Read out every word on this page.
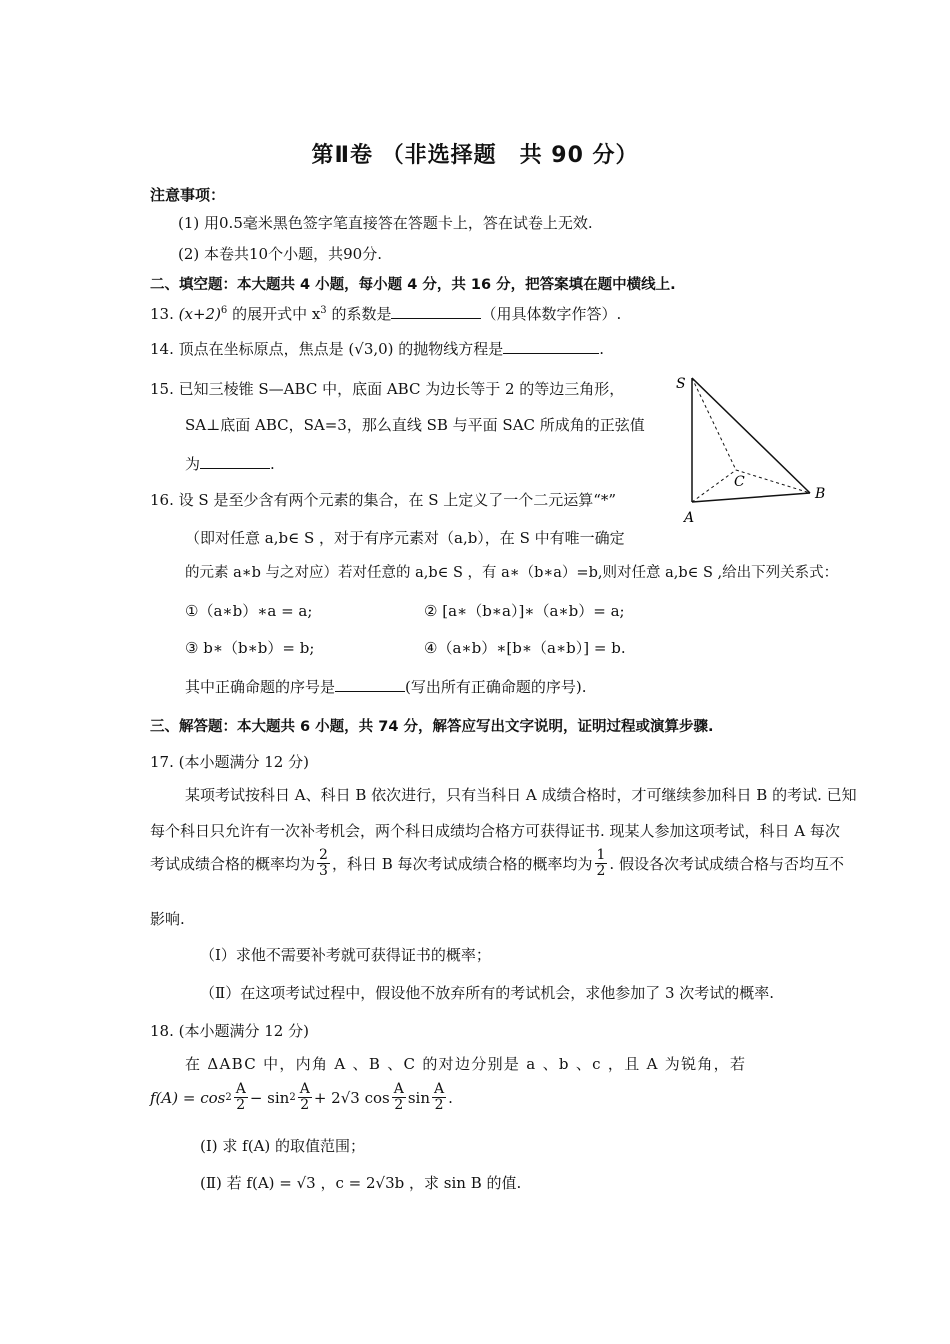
第Ⅱ卷 （非选择题　共 90 分）
注意事项：
(1) 用0.5毫米黑色签字笔直接答在答题卡上，答在试卷上无效.
(2) 本卷共10个小题，共90分.
二、填空题：本大题共 4 小题，每小题 4 分，共 16 分，把答案填在题中横线上.
13. $(x+2)^6$ 的展开式中 $x^3$ 的系数是	（用具体数字作答）.
14. 顶点在坐标原点，焦点是 (√3,0) 的抛物线方程是	.
15. 已知三棱锥 S—ABC 中，底面 ABC 为边长等于 2 的等边三角形，
SA⊥底面 ABC，SA=3，那么直线 SB 与平面 SAC 所成角的正弦值
为	.
S
A
B
C
16. 设 S 是至少含有两个元素的集合，在 S 上定义了一个二元运算“*”
（即对任意 a,b∈ S ，对于有序元素对（a,b），在 S 中有唯一确定
的元素 a∗b 与之对应）若对任意的 a,b∈ S ，有 a∗（b∗a）=b,则对任意 a,b∈ S ,给出下列关系式：
①（a∗b）∗a = a;	② [a∗（b∗a）]∗（a∗b）= a;
③ b∗（b∗b）= b;	④（a∗b）∗[b∗（a∗b）] = b.
其中正确命题的序号是	(写出所有正确命题的序号).
三、解答题：本大题共 6 小题，共 74 分，解答应写出文字说明，证明过程或演算步骤.
17. (本小题满分 12 分)
某项考试按科日 A、科日 B 依次进行，只有当科日 A 成绩合格时，才可继续参加科日 B 的考试. 已知
每个科日只允许有一次补考机会，两个科日成绩均合格方可获得证书. 现某人参加这项考试，科日 A 每次
考试成绩合格的概率均为 $\frac{2}{3}$ ，科日 B 每次考试成绩合格的概率均为 $\frac{1}{2}$ . 假设各次考试成绩合格与否均互不
影响.
（Ⅰ）求他不需要补考就可获得证书的概率；
（Ⅱ）在这项考试过程中，假设他不放弃所有的考试机会，求他参加了 3 次考试的概率.
18. (本小题满分 12 分)
在 ΔABC 中，内角 A 、B 、C 的对边分别是 a 、b 、c ，且 A 为锐角，若
$f(A) = \cos 2 \frac{A}{2} - \sin 2 \frac{A}{2} + 2√3$ $\cos \frac{A}{2}$ $\sin \frac{A}{2}$ .
(Ⅰ) 求 f(A) 的取值范围；
(Ⅱ) 若 f(A) = √3 ，c = 2√3b ，求 sin B 的值.
